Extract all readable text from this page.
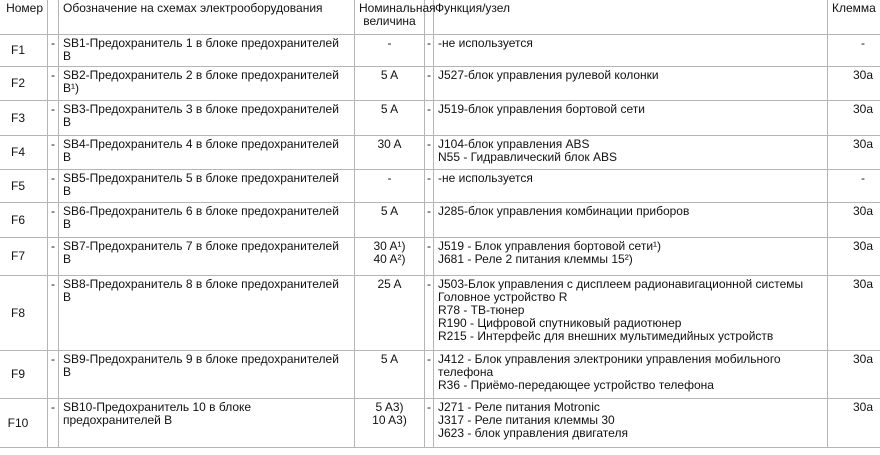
Номер		Обозначение на схемах электрооборудования	Номинальная
величина		Функция/узел	Клемма
F1	-	SB1-Предохранитель 1 в блоке предохранителей
B	-	-	-не используется	-
F2	-	SB2-Предохранитель 2 в блоке предохранителей
B¹)	5 A	-	J527-блок управления рулевой колонки	30a
F3	-	SB3-Предохранитель 3 в блоке предохранителей
B	5 A	-	J519-блок управления бортовой сети	30a
F4	-	SB4-Предохранитель 4 в блоке предохранителей
B	30 A	-	J104-блок управления ABS
N55 - Гидравлический блок ABS	30a
F5	-	SB5-Предохранитель 5 в блоке предохранителей
B	-	-	-не используется	-
F6	-	SB6-Предохранитель 6 в блоке предохранителей
B	5 A	-	J285-блок управления комбинации приборов	30a
F7	-	SB7-Предохранитель 7 в блоке предохранителей
B	30 A¹)
40 A²)	-	J519 - Блок управления бортовой сети¹)
J681 - Реле 2 питания клеммы 15²)	30a
F8	-	SB8-Предохранитель 8 в блоке предохранителей
B	25 A	-	J503-Блок управления с дисплеем радионавигационной системы
Головное устройство R
R78 - ТВ-тюнер
R190 - Цифровой спутниковый радиотюнер
R215 - Интерфейс для внешних мультимедийных устройств	30a
F9	-	SB9-Предохранитель 9 в блоке предохранителей
B	5 A	-	J412 - Блок управления электроники управления мобильного
телефона
R36 - Приёмо-передающее устройство телефона	30a
F10	-	SB10-Предохранитель 10 в блоке
предохранителей B	5 A3)
10 A3)	-	J271 - Реле питания Motronic
J317 - Реле питания клеммы 30
J623 - блок управления двигателя	30a
